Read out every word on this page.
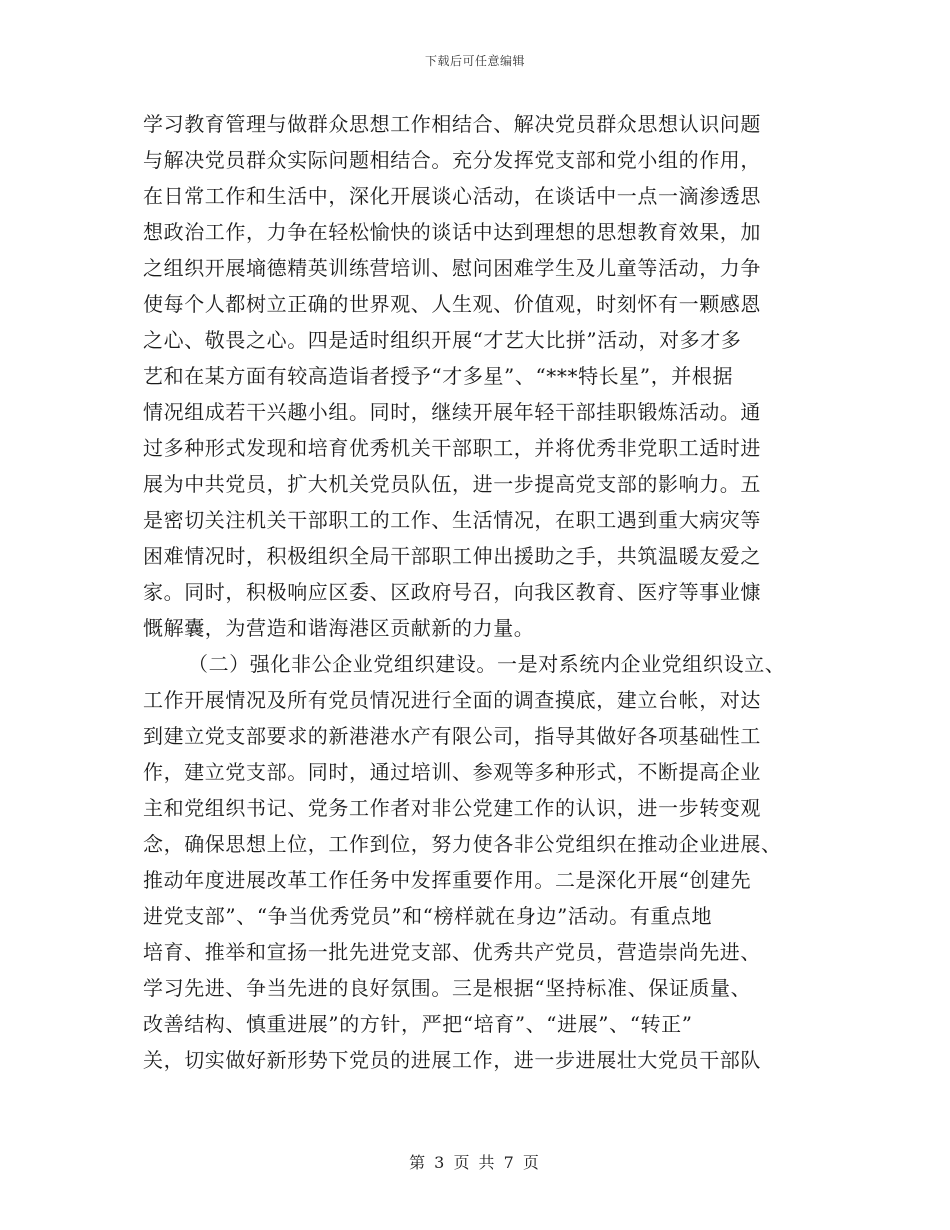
下载后可任意编辑
学习教育管理与做群众思想工作相结合、解决党员群众思想认识问题
与解决党员群众实际问题相结合。充分发挥党支部和党小组的作用，
在日常工作和生活中，深化开展谈心活动，在谈话中一点一滴渗透思
想政治工作，力争在轻松愉快的谈话中达到理想的思想教育效果，加
之组织开展墒德精英训练营培训、慰问困难学生及儿童等活动，力争
使每个人都树立正确的世界观、人生观、价值观，时刻怀有一颗感恩
之心、敬畏之心。四是适时组织开展“才艺大比拼”活动，对多才多
艺和在某方面有较高造诣者授予“才多星”、“***特长星”，并根据
情况组成若干兴趣小组。同时，继续开展年轻干部挂职锻炼活动。通
过多种形式发现和培育优秀机关干部职工，并将优秀非党职工适时进
展为中共党员，扩大机关党员队伍，进一步提高党支部的影响力。五
是密切关注机关干部职工的工作、生活情况，在职工遇到重大病灾等
困难情况时，积极组织全局干部职工伸出援助之手，共筑温暖友爱之
家。同时，积极响应区委、区政府号召，向我区教育、医疗等事业慷
慨解囊，为营造和谐海港区贡献新的力量。
（二）强化非公企业党组织建设。一是对系统内企业党组织设立、
工作开展情况及所有党员情况进行全面的调查摸底，建立台帐，对达
到建立党支部要求的新港港水产有限公司，指导其做好各项基础性工
作，建立党支部。同时，通过培训、参观等多种形式，不断提高企业
主和党组织书记、党务工作者对非公党建工作的认识，进一步转变观
念，确保思想上位，工作到位，努力使各非公党组织在推动企业进展、
推动年度进展改革工作任务中发挥重要作用。二是深化开展“创建先
进党支部”、“争当优秀党员”和“榜样就在身边”活动。有重点地
培育、推举和宣扬一批先进党支部、优秀共产党员，营造崇尚先进、
学习先进、争当先进的良好氛围。三是根据“坚持标准、保证质量、
改善结构、慎重进展”的方针，严把“培育”、“进展”、“转正”
关，切实做好新形势下党员的进展工作，进一步进展壮大党员干部队
第 3 页 共 7 页
